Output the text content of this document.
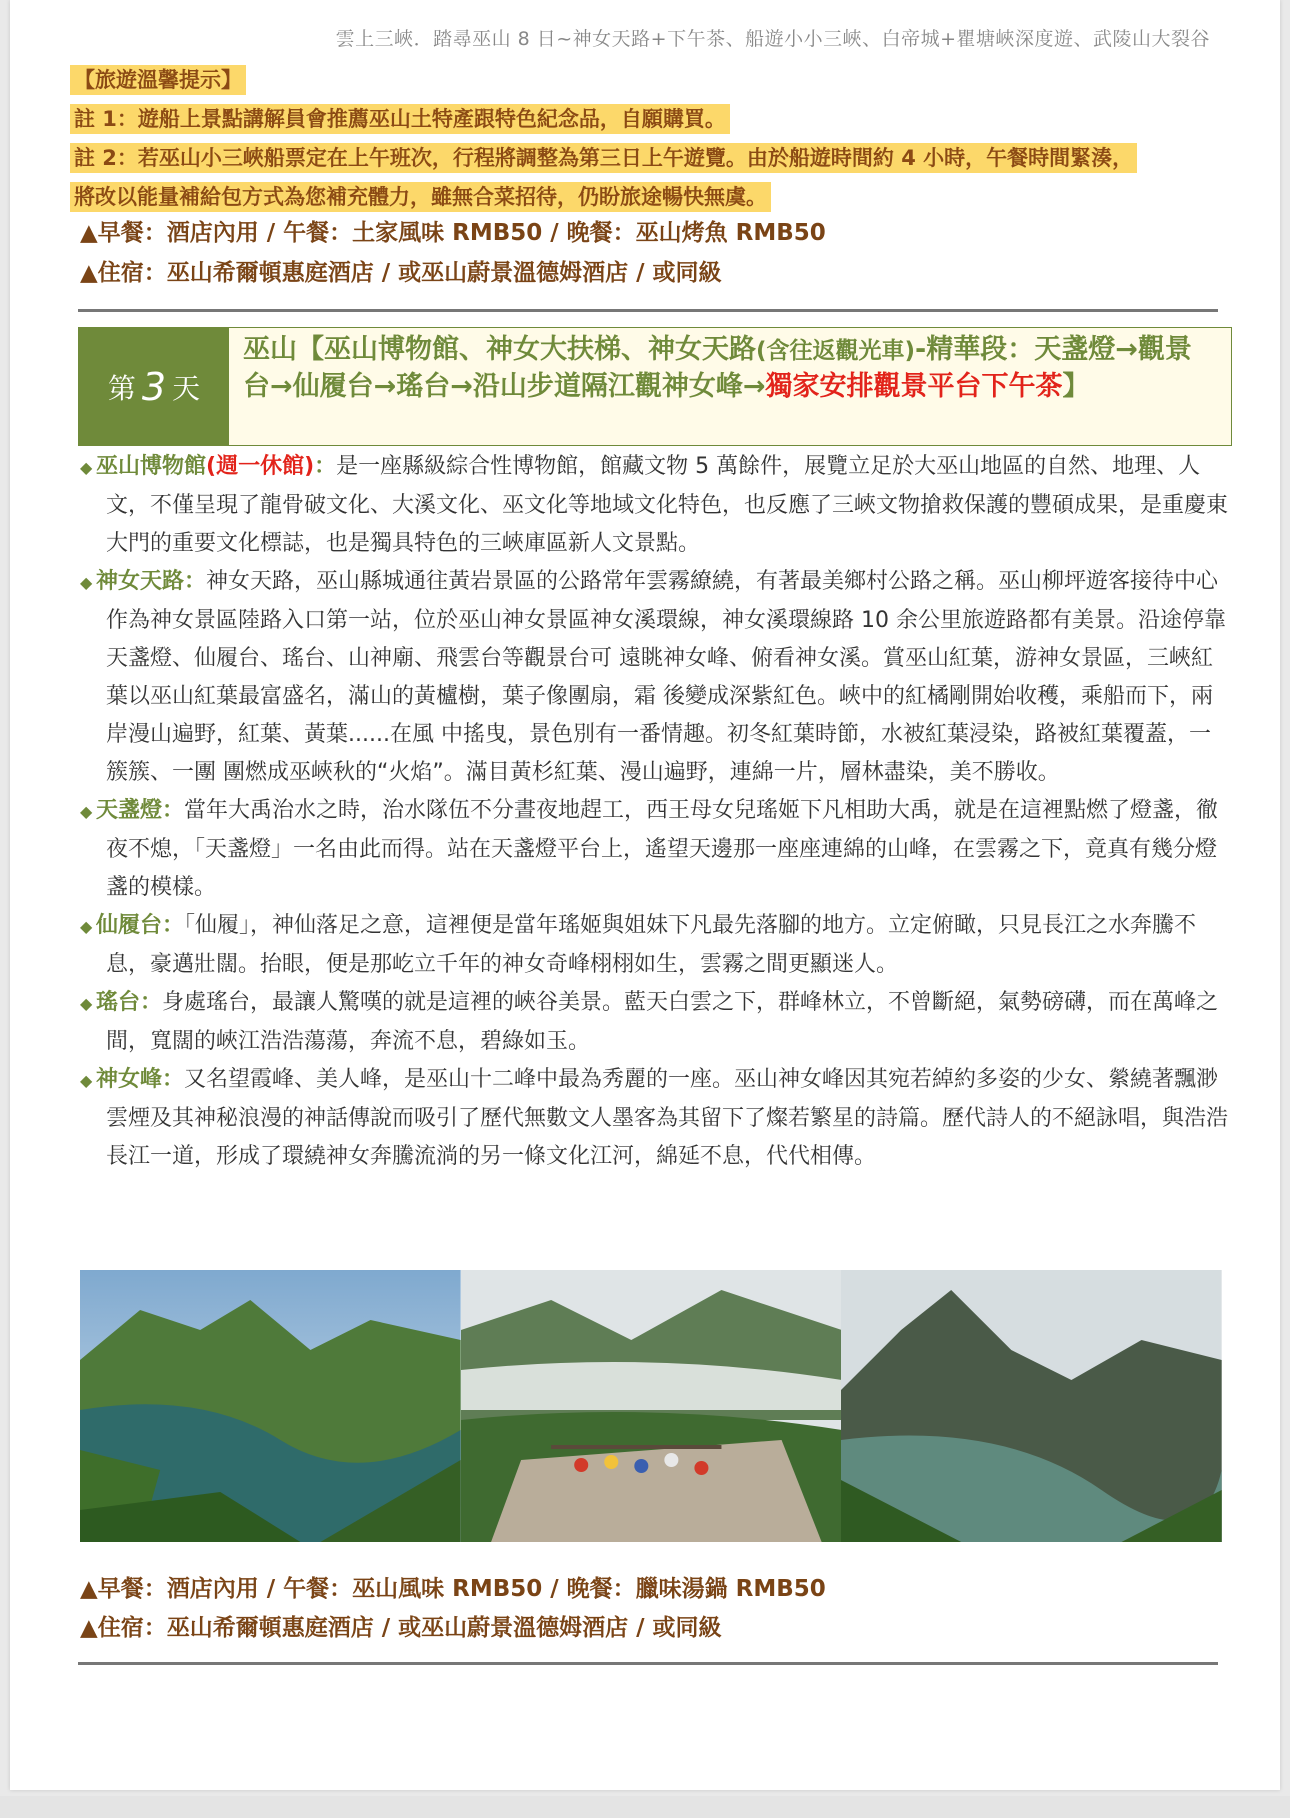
雲上三峽．踏尋巫山 8 日~神女天路+下午茶、船遊小小三峽、白帝城+瞿塘峽深度遊、武陵山大裂谷

【旅遊溫馨提示】

註 1：遊船上景點講解員會推薦巫山土特產跟特色紀念品，自願購買。

註 2：若巫山小三峽船票定在上午班次，行程將調整為第三日上午遊覽。由於船遊時間約 4 小時，午餐時間緊湊，

將改以能量補給包方式為您補充體力，雖無合菜招待，仍盼旅途暢快無虞。

▲早餐：酒店內用 / 午餐：土家風味 RMB50 / 晚餐：巫山烤魚 RMB50
▲住宿：巫山希爾頓惠庭酒店 / 或巫山蔚景溫德姆酒店 / 或同級
第 3 天
巫山【巫山博物館、神女大扶梯、神女天路(含往返觀光車)-精華段：天盞燈→觀景台→仙履台→瑤台→沿山步道隔江觀神女峰→獨家安排觀景平台下午茶】

◆ 巫山博物館(週一休館)：是一座縣級綜合性博物館，館藏文物 5 萬餘件，展覽立足於大巫山地區的自然、地理、人文，不僅呈現了龍骨破文化、大溪文化、巫文化等地域文化特色，也反應了三峽文物搶救保護的豐碩成果，是重慶東大門的重要文化標誌，也是獨具特色的三峽庫區新人文景點。

◆ 神女天路：神女天路，巫山縣城通往黃岩景區的公路常年雲霧繚繞，有著最美鄉村公路之稱。巫山柳坪遊客接待中心作為神女景區陸路入口第一站，位於巫山神女景區神女溪環線，神女溪環線路 10 余公里旅遊路都有美景。沿途停靠天盞燈、仙履台、瑤台、山神廟、飛雲台等觀景台可 遠眺神女峰、俯看神女溪。賞巫山紅葉，游神女景區，三峽紅葉以巫山紅葉最富盛名，滿山的黃櫨樹，葉子像團扇，霜 後變成深紫紅色。峽中的紅橘剛開始收穫，乘船而下，兩岸漫山遍野，紅葉、黃葉......在風 中搖曳，景色別有一番情趣。初冬紅葉時節，水被紅葉浸染，路被紅葉覆蓋，一簇簇、一團 團燃成巫峽秋的“火焰”。滿目黃杉紅葉、漫山遍野，連綿一片，層林盡染，美不勝收。

◆ 天盞燈：當年大禹治水之時，治水隊伍不分晝夜地趕工，西王母女兒瑤姬下凡相助大禹，就是在這裡點燃了燈盞，徹夜不熄，「天盞燈」一名由此而得。站在天盞燈平台上，遙望天邊那一座座連綿的山峰，在雲霧之下，竟真有幾分燈盞的模樣。

◆ 仙履台：「仙履」，神仙落足之意，這裡便是當年瑤姬與姐妹下凡最先落腳的地方。立定俯瞰，只見長江之水奔騰不息，豪邁壯闊。抬眼，便是那屹立千年的神女奇峰栩栩如生，雲霧之間更顯迷人。

◆ 瑤台：身處瑤台，最讓人驚嘆的就是這裡的峽谷美景。藍天白雲之下，群峰林立，不曾斷絕，氣勢磅礴，而在萬峰之間，寬闊的峽江浩浩蕩蕩，奔流不息，碧綠如玉。

◆ 神女峰：又名望霞峰、美人峰，是巫山十二峰中最為秀麗的一座。巫山神女峰因其宛若綽約多姿的少女、縈繞著飄渺雲煙及其神秘浪漫的神話傳說而吸引了歷代無數文人墨客為其留下了燦若繁星的詩篇。歷代詩人的不絕詠唱，與浩浩長江一道，形成了環繞神女奔騰流淌的另一條文化江河，綿延不息，代代相傳。

▲早餐：酒店內用 / 午餐：巫山風味 RMB50 / 晚餐：臘味湯鍋 RMB50
▲住宿：巫山希爾頓惠庭酒店 / 或巫山蔚景溫德姆酒店 / 或同級
